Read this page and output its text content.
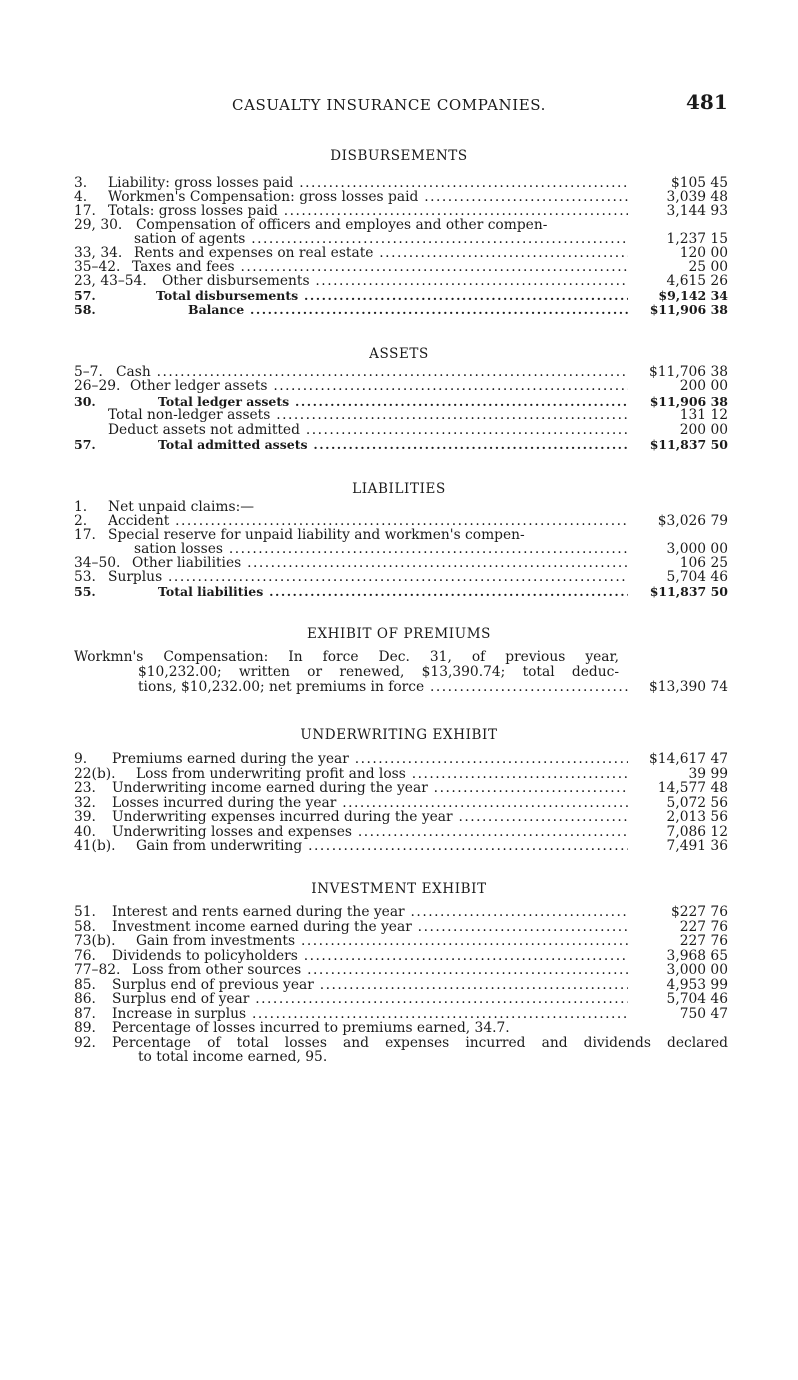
CASUALTY INSURANCE COMPANIES.	481
DISBURSEMENTS
3. Liability: gross losses paid .....	$105 45
4. Workmen's Compensation: gross losses paid .....	3,039 48
17. Totals: gross losses paid .....	3,144 93
29, 30. Compensation of officers and employes and other compen-
sation of agents .....	1,237 15
33, 34. Rents and expenses on real estate .....	120 00
35–42. Taxes and fees .....	25 00
23, 43–54. Other disbursements .....	4,615 26
57.	Total disbursements .....	$9,142 34
58.	Balance .....	$11,906 38
ASSETS
5–7. Cash .....	$11,706 38
26–29. Other ledger assets .....	200 00
30.	Total ledger assets .....	$11,906 38
Total non-ledger assets .....	131 12
Deduct assets not admitted .....	200 00
57.	Total admitted assets .....	$11,837 50
LIABILITIES
1. Net unpaid claims:—
2. Accident .....	$3,026 79
17. Special reserve for unpaid liability and workmen's compen-
sation losses .....	3,000 00
34–50. Other liabilities .....	106 25
53. Surplus .....	5,704 46
55.	Total liabilities .....	$11,837 50
EXHIBIT OF PREMIUMS
Workmn's Compensation: In force Dec. 31, of previous year,
$10,232.00; written or renewed, $13,390.74; total deduc-
tions, $10,232.00; net premiums in force .....	$13,390 74
UNDERWRITING EXHIBIT
9. Premiums earned during the year .....	$14,617 47
22(b). Loss from underwriting profit and loss .....	39 99
23. Underwriting income earned during the year .....	14,577 48
32. Losses incurred during the year .....	5,072 56
39. Underwriting expenses incurred during the year .....	2,013 56
40. Underwriting losses and expenses .....	7,086 12
41(b). Gain from underwriting .....	7,491 36
INVESTMENT EXHIBIT
51. Interest and rents earned during the year .....	$227 76
58. Investment income earned during the year .....	227 76
73(b). Gain from investments .....	227 76
76. Dividends to policyholders .....	3,968 65
77–82. Loss from other sources .....	3,000 00
85. Surplus end of previous year .....	4,953 99
86. Surplus end of year .....	5,704 46
87. Increase in surplus .....	750 47
89. Percentage of losses incurred to premiums earned, 34.7.
92. Percentage of total losses and expenses incurred and dividends declared
to total income earned, 95.
